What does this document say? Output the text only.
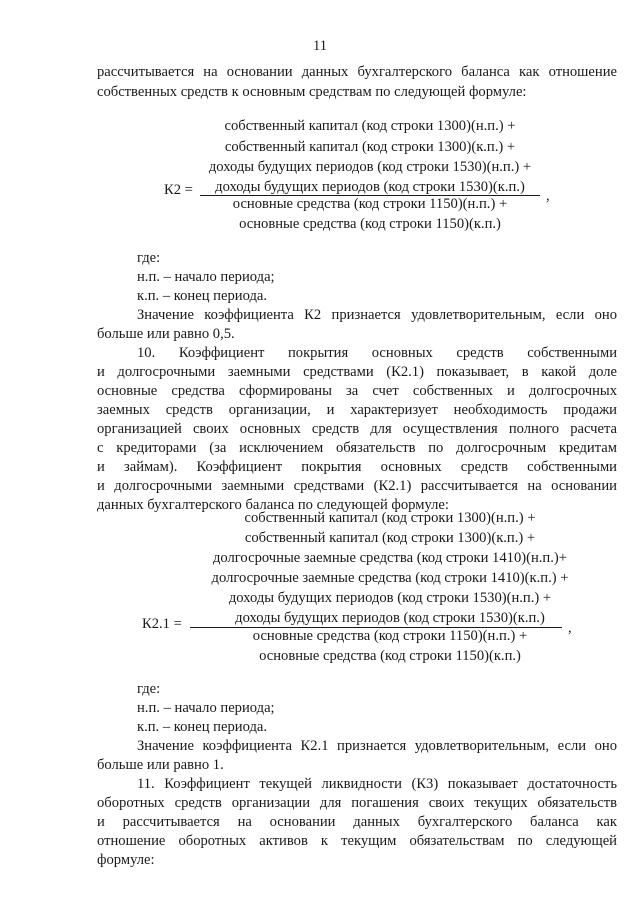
11
рассчитывается на основании данных бухгалтерского баланса как отношение
собственных средств к основным средствам по следующей формуле:
собственный капитал (код строки 1300)(н.п.) +
собственный капитал (код строки 1300)(к.п.) +
доходы будущих периодов (код строки 1530)(н.п.) +
доходы будущих периодов (код строки 1530)(к.п.)
К2 =	,
основные средства (код строки 1150)(н.п.) +
основные средства (код строки 1150)(к.п.)
где:
н.п. – начало периода;
к.п. – конец периода.
Значение коэффициента К2 признается удовлетворительным, если оно
больше или равно 0,5.
10.    Коэффициент    покрытия    основных    средств    собственными
и долгосрочными заемными средствами (К2.1) показывает, в какой доле
основные средства сформированы за счет собственных и долгосрочных
заемных средств организации, и характеризует необходимость продажи
организацией своих основных средств для осуществления полного расчета
с кредиторами (за исключением обязательств по долгосрочным кредитам
и займам). Коэффициент покрытия основных средств собственными
и долгосрочными заемными средствами (К2.1) рассчитывается на основании
данных бухгалтерского баланса по следующей формуле:
собственный капитал (код строки 1300)(н.п.) +
собственный капитал (код строки 1300)(к.п.) +
долгосрочные заемные средства (код строки 1410)(н.п.)+
долгосрочные заемные средства (код строки 1410)(к.п.) +
доходы будущих периодов (код строки 1530)(н.п.) +
доходы будущих периодов (код строки 1530)(к.п.)
К2.1 =	,
основные средства (код строки 1150)(н.п.) +
основные средства (код строки 1150)(к.п.)
где:
н.п. – начало периода;
к.п. – конец периода.
Значение коэффициента К2.1 признается удовлетворительным, если оно
больше или равно 1.
11. Коэффициент текущей ликвидности (К3) показывает достаточность
оборотных средств организации для погашения своих текущих обязательств
и рассчитывается на основании данных бухгалтерского баланса как
отношение оборотных активов к текущим обязательствам по следующей
формуле:
